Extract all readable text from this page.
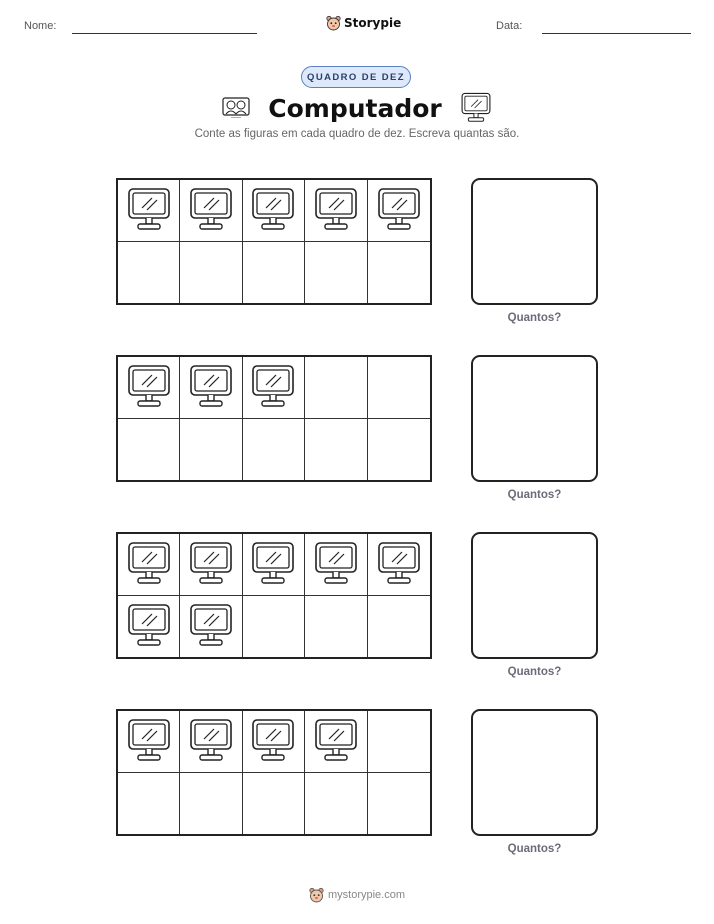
Nome:	Storypie	Data:
QUADRO DE DEZ
Computador
Conte as figuras em cada quadro de dez. Escreva quantas são.
Quantos?
Quantos?
Quantos?
Quantos?
mystorypie.com
